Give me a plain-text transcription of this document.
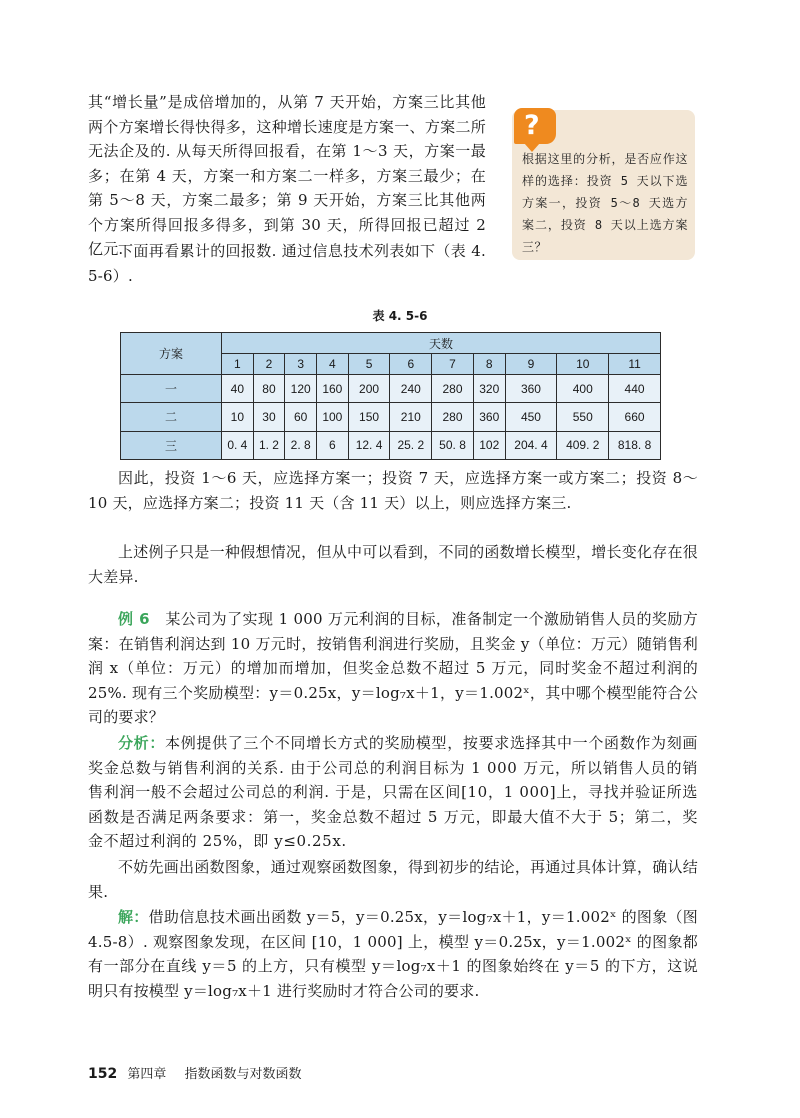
其“增长量”是成倍增加的，从第 7 天开始，方案三比其他两个方案增长得快得多，这种增长速度是方案一、方案二所无法企及的. 从每天所得回报看，在第 1～3 天，方案一最多；在第 4 天，方案一和方案二一样多，方案三最少；在第 5～8 天，方案二最多；第 9 天开始，方案三比其他两个方案所得回报多得多，到第 30 天，所得回报已超过 2 亿元.
下面再看累计的回报数. 通过信息技术列表如下（表 4. 5-6）.
?
根据这里的分析，是否应作这样的选择：投资 5 天以下选方案一，投资 5～8 天选方案二，投资 8 天以上选方案三？
表 4. 5-6
方案	天数										
	1	2	3	4	5	6	7	8	9	10	11
一	40	80	120	160	200	240	280	320	360	400	440
二	10	30	60	100	150	210	280	360	450	550	660
三	0. 4	1. 2	2. 8	6	12. 4	25. 2	50. 8	102	204. 4	409. 2	818. 8
因此，投资 1～6 天，应选择方案一；投资 7 天，应选择方案一或方案二；投资 8～10 天，应选择方案二；投资 11 天（含 11 天）以上，则应选择方案三.
上述例子只是一种假想情况，但从中可以看到，不同的函数增长模型，增长变化存在很大差异.
例 6　 某公司为了实现 1 000 万元利润的目标，准备制定一个激励销售人员的奖励方案：在销售利润达到 10 万元时，按销售利润进行奖励，且奖金 y（单位：万元）随销售利润 x（单位：万元）的增加而增加，但奖金总数不超过 5 万元，同时奖金不超过利润的 25%. 现有三个奖励模型：y＝0.25x，y＝log₇x＋1，y＝1.002ˣ，其中哪个模型能符合公司的要求？
分析：本例提供了三个不同增长方式的奖励模型，按要求选择其中一个函数作为刻画奖金总数与销售利润的关系. 由于公司总的利润目标为 1 000 万元，所以销售人员的销售利润一般不会超过公司总的利润. 于是，只需在区间[10，1 000]上，寻找并验证所选函数是否满足两条要求：第一，奖金总数不超过 5 万元，即最大值不大于 5；第二，奖金不超过利润的 25%，即 y≤0.25x.
不妨先画出函数图象，通过观察函数图象，得到初步的结论，再通过具体计算，确认结果.
解：借助信息技术画出函数 y＝5，y＝0.25x，y＝log₇x＋1，y＝1.002ˣ 的图象（图 4.5-8）. 观察图象发现，在区间 [10，1 000] 上，模型 y＝0.25x，y＝1.002ˣ 的图象都有一部分在直线 y＝5 的上方，只有模型 y＝log₇x＋1 的图象始终在 y＝5 的下方，这说明只有按模型 y＝log₇x＋1 进行奖励时才符合公司的要求.
152 第四章 指数函数与对数函数
